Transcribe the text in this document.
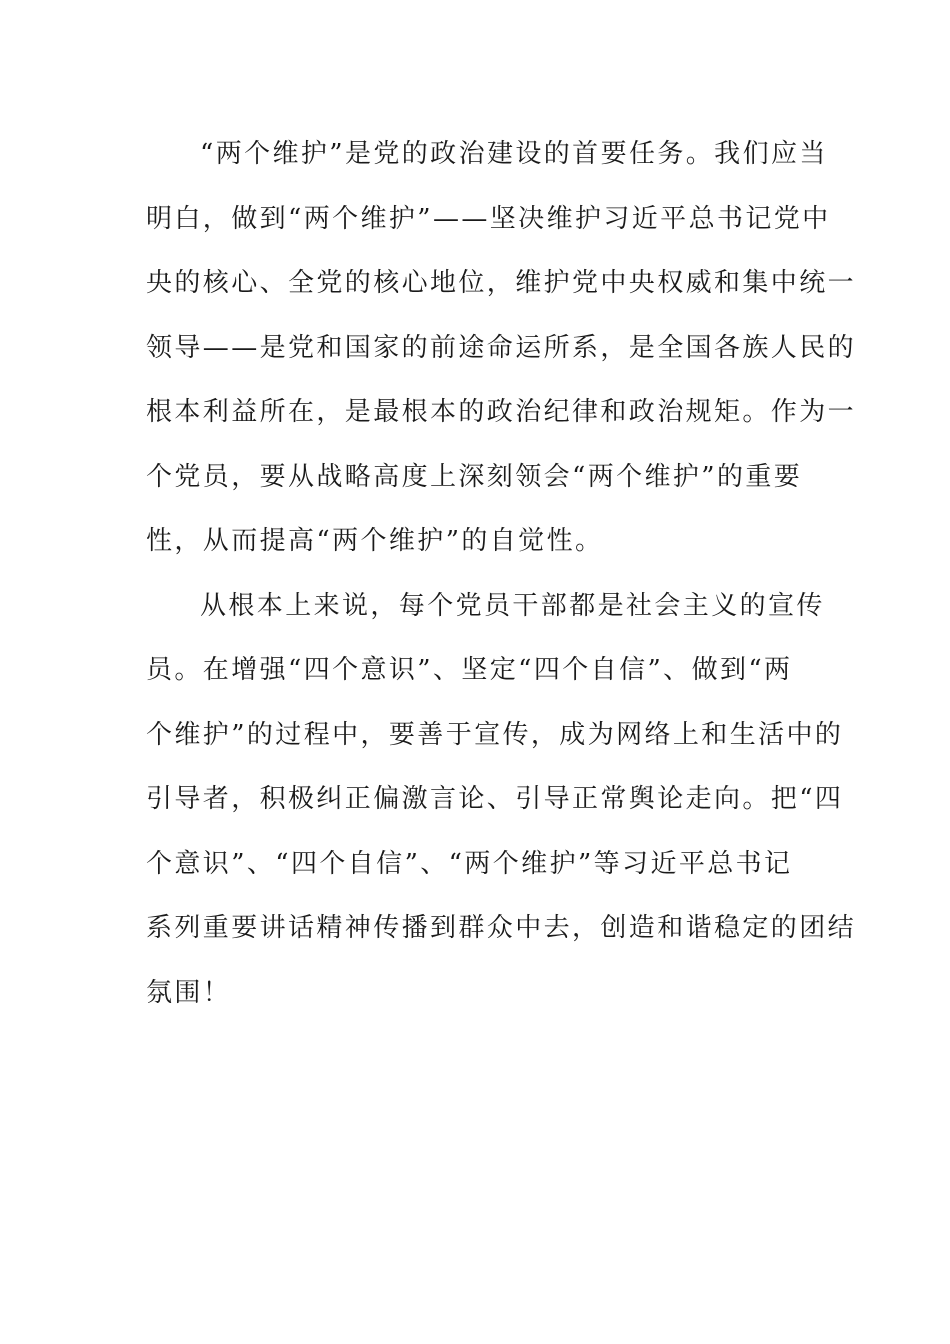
“两个维护”是党的政治建设的首要任务。我们应当
明白，做到“两个维护”——坚决维护习近平总书记党中
央的核心、全党的核心地位，维护党中央权威和集中统一
领导——是党和国家的前途命运所系，是全国各族人民的
根本利益所在，是最根本的政治纪律和政治规矩。作为一
个党员，要从战略高度上深刻领会“两个维护”的重要
性，从而提高“两个维护”的自觉性。
从根本上来说，每个党员干部都是社会主义的宣传
员。在增强“四个意识”、坚定“四个自信”、做到“两
个维护”的过程中，要善于宣传，成为网络上和生活中的
引导者，积极纠正偏激言论、引导正常舆论走向。把“四
个意识”、“四个自信”、“两个维护”等习近平总书记
系列重要讲话精神传播到群众中去，创造和谐稳定的团结
氛围！
